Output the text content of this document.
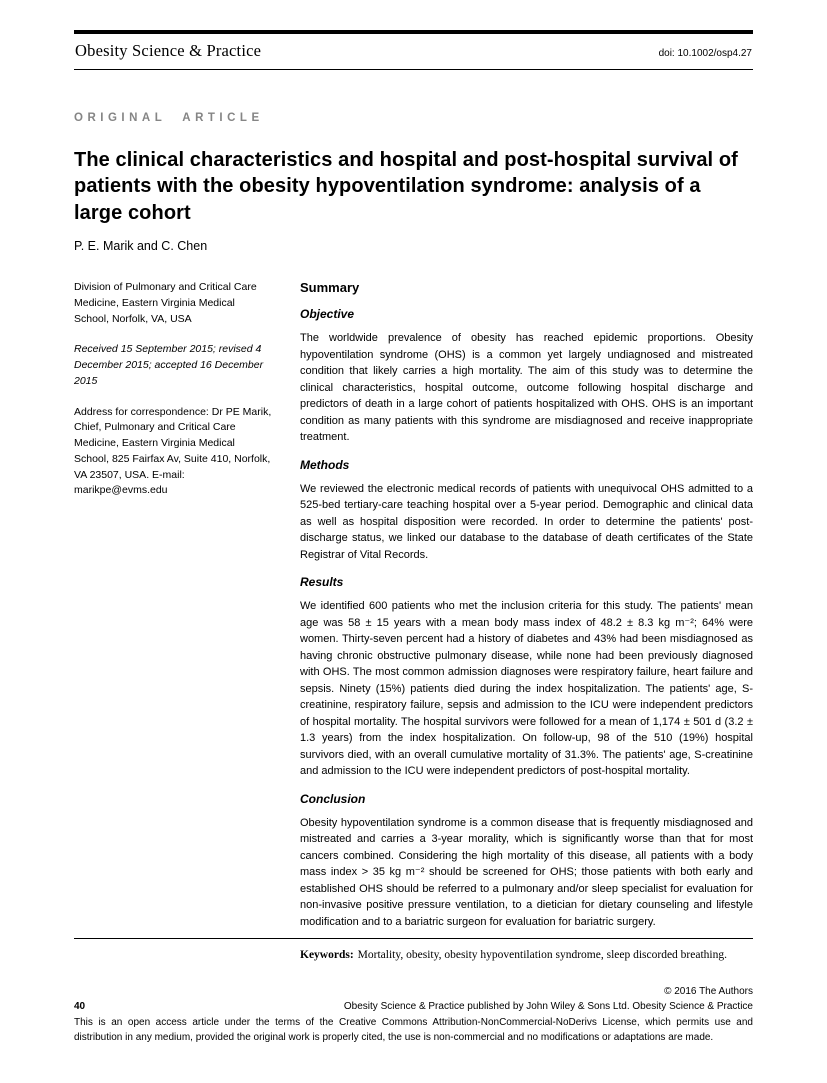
Obesity Science & Practice	doi: 10.1002/osp4.27
ORIGINAL ARTICLE
The clinical characteristics and hospital and post-hospital survival of patients with the obesity hypoventilation syndrome: analysis of a large cohort
P. E. Marik and C. Chen

Division of Pulmonary and Critical Care Medicine, Eastern Virginia Medical School, Norfolk, VA, USA

Received 15 September 2015; revised 4 December 2015; accepted 16 December 2015

Address for correspondence: Dr PE Marik, Chief, Pulmonary and Critical Care Medicine, Eastern Virginia Medical School, 825 Fairfax Av, Suite 410, Norfolk, VA 23507, USA. E-mail: marikpe@evms.edu

Summary
Objective

The worldwide prevalence of obesity has reached epidemic proportions. Obesity hypoventilation syndrome (OHS) is a common yet largely undiagnosed and mistreated condition that likely carries a high mortality. The aim of this study was to determine the clinical characteristics, hospital outcome, outcome following hospital discharge and predictors of death in a large cohort of patients hospitalized with OHS. OHS is an important condition as many patients with this syndrome are misdiagnosed and receive inappropriate treatment.

Methods

We reviewed the electronic medical records of patients with unequivocal OHS admitted to a 525-bed tertiary-care teaching hospital over a 5-year period. Demographic and clinical data as well as hospital disposition were recorded. In order to determine the patients' post-discharge status, we linked our database to the database of death certificates of the State Registrar of Vital Records.

Results

We identified 600 patients who met the inclusion criteria for this study. The patients' mean age was 58 ± 15 years with a mean body mass index of 48.2 ± 8.3 kg m⁻²; 64% were women. Thirty-seven percent had a history of diabetes and 43% had been misdiagnosed as having chronic obstructive pulmonary disease, while none had been previously diagnosed with OHS. The most common admission diagnoses were respiratory failure, heart failure and sepsis. Ninety (15%) patients died during the index hospitalization. The patients' age, S-creatinine, respiratory failure, sepsis and admission to the ICU were independent predictors of hospital mortality. The hospital survivors were followed for a mean of 1,174 ± 501 d (3.2 ± 1.3 years) from the index hospitalization. On follow-up, 98 of the 510 (19%) hospital survivors died, with an overall cumulative mortality of 31.3%. The patients' age, S-creatinine and admission to the ICU were independent predictors of post-hospital mortality.

Conclusion

Obesity hypoventilation syndrome is a common disease that is frequently misdiagnosed and mistreated and carries a 3-year morality, which is significantly worse than that for most cancers combined. Considering the high mortality of this disease, all patients with a body mass index > 35 kg m⁻² should be screened for OHS; those patients with both early and established OHS should be referred to a pulmonary and/or sleep specialist for evaluation for non-invasive positive pressure ventilation, to a dietician for dietary counseling and lifestyle modification and to a bariatric surgeon for evaluation for bariatric surgery.

Keywords: Mortality, obesity, obesity hypoventilation syndrome, sleep discorded breathing.

© 2016 The Authors
40	Obesity Science & Practice published by John Wiley & Sons Ltd. Obesity Science & Practice

This is an open access article under the terms of the Creative Commons Attribution-NonCommercial-NoDerivs License, which permits use and distribution in any medium, provided the original work is properly cited, the use is non-commercial and no modifications or adaptations are made.
